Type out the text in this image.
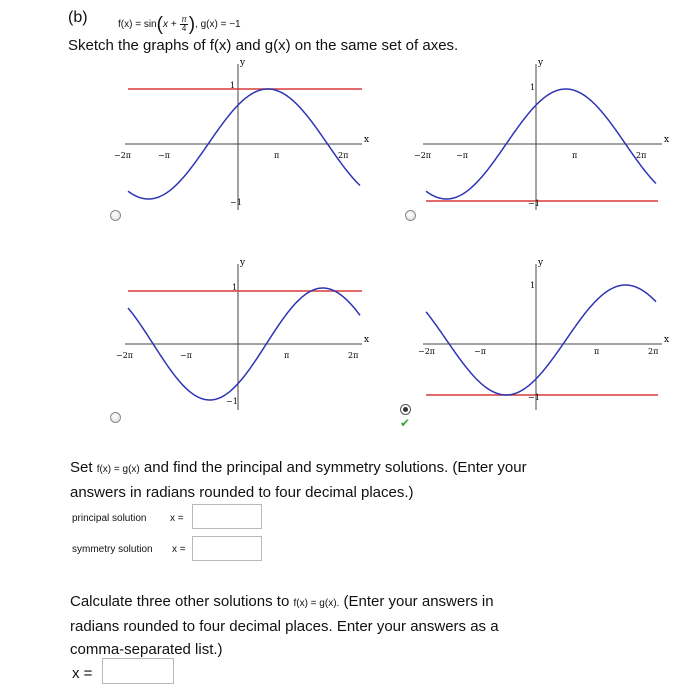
(b)	$f(x) = \sin(x + \frac{\pi}{4}$ ), g(x) = −1
Sketch the graphs of f(x) and g(x) on the same set of axes.
y
x
−2π	−π	π	2π
1
−1
y
x
−2π	−π	π	2π
1
−1
y
x
−2π	−π	π	2π
1
−1
y
x
−2π	−π	π	2π
1
−1
✔
Set f(x) = g(x) and find the principal and symmetry solutions. (Enter your
answers in radians rounded to four decimal places.)
principal solution x =
symmetry solution x =
Calculate three other solutions to f(x) = g(x). (Enter your answers in
radians rounded to four decimal places. Enter your answers as a
comma-separated list.)
x =
